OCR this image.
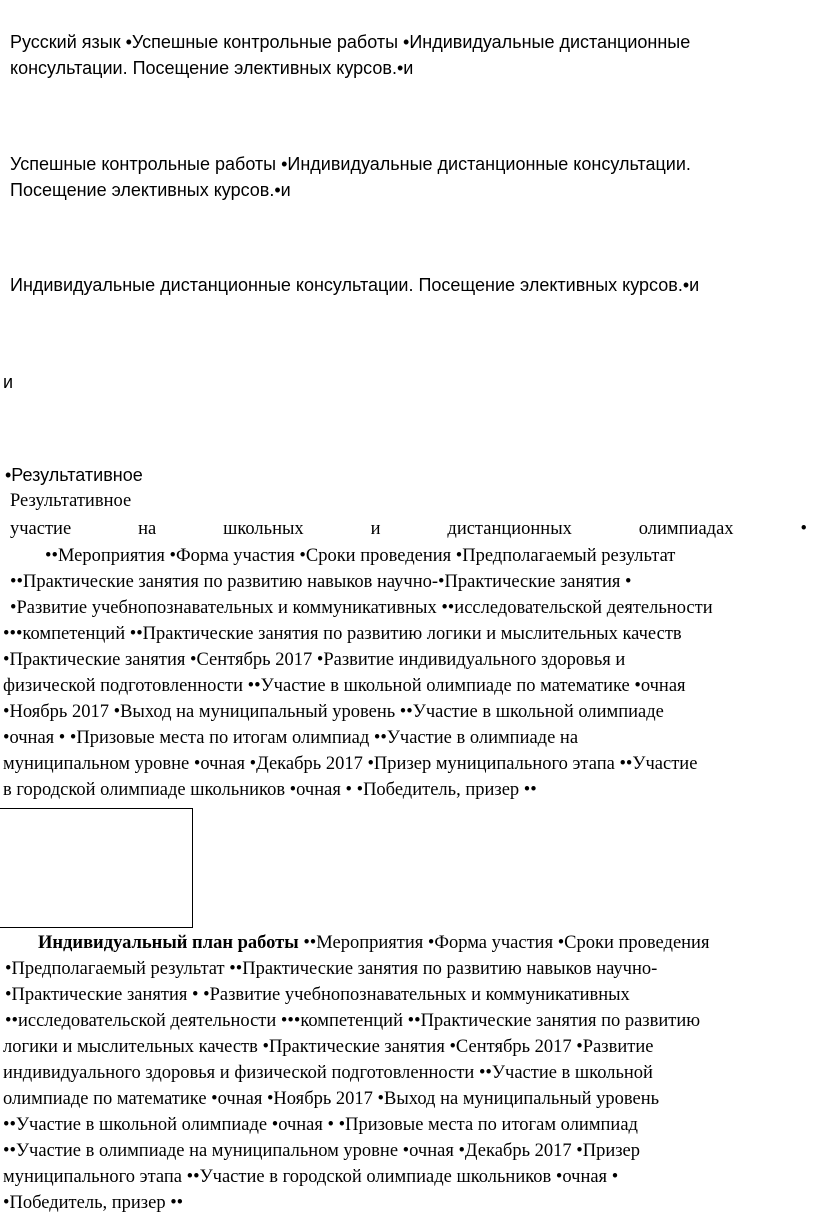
Русский язык •Успешные контрольные работы •Индивидуальные дистанционные
консультации. Посещение элективных курсов.•и
Успешные контрольные работы •Индивидуальные дистанционные консультации.
Посещение элективных курсов.•и
Индивидуальные дистанционные консультации. Посещение элективных курсов.•и
и
•Результативное
Результативное
участие	на	школьных	и	дистанционных	олимпиадах	•
••Мероприятия •Форма участия •Сроки проведения •Предполагаемый результат
••Практические занятия по развитию навыков научно-•Практические занятия •
•Развитие учебнопознавательных и коммуникативных ••исследовательской деятельности
•••компетенций ••Практические занятия по развитию логики и мыслительных качеств
•Практические занятия •Сентябрь 2017 •Развитие индивидуального здоровья и
физической подготовленности ••Участие в школьной олимпиаде по математике •очная
•Ноябрь 2017 •Выход на муниципальный уровень ••Участие в школьной олимпиаде
•очная • •Призовые места по итогам олимпиад ••Участие в олимпиаде на
муниципальном уровне •очная •Декабрь 2017 •Призер муниципального этапа ••Участие
в городской олимпиаде школьников •очная • •Победитель, призер ••
Индивидуальный план работы ••Мероприятия •Форма участия •Сроки проведения
•Предполагаемый результат ••Практические занятия по развитию навыков научно-
•Практические занятия • •Развитие учебнопознавательных и коммуникативных
••исследовательской деятельности •••компетенций ••Практические занятия по развитию
логики и мыслительных качеств •Практические занятия •Сентябрь 2017 •Развитие
индивидуального здоровья и физической подготовленности ••Участие в школьной
олимпиаде по математике •очная •Ноябрь 2017 •Выход на муниципальный уровень
••Участие в школьной олимпиаде •очная • •Призовые места по итогам олимпиад
••Участие в олимпиаде на муниципальном уровне •очная •Декабрь 2017 •Призер
муниципального этапа ••Участие в городской олимпиаде школьников •очная •
•Победитель, призер ••
